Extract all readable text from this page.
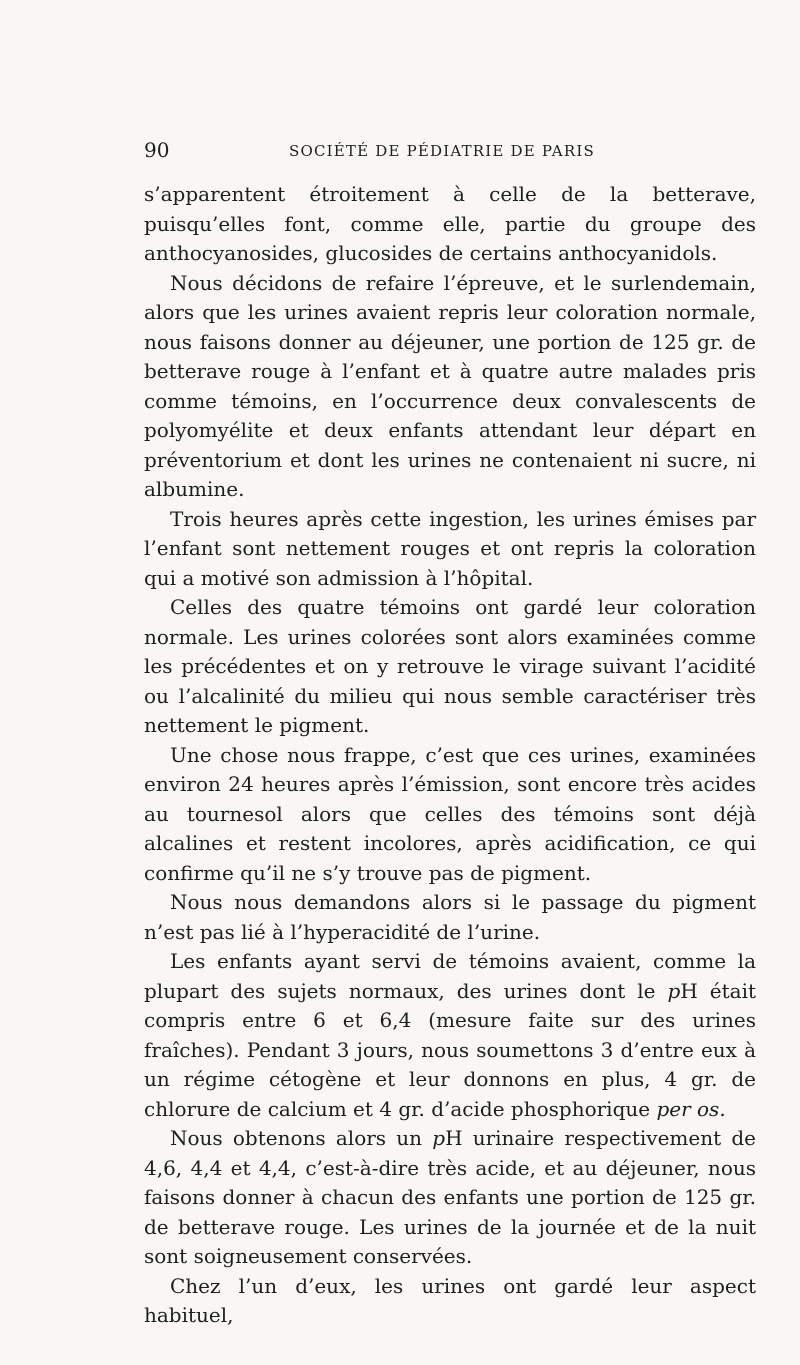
90	SOCIÉTÉ DE PÉDIATRIE DE PARIS

s’apparentent étroitement à celle de la betterave, puisqu’elles font, comme elle, partie du groupe des anthocyanosides, glucosides de certains anthocyanidols.

Nous décidons de refaire l’épreuve, et le surlendemain, alors que les urines avaient repris leur coloration normale, nous faisons donner au déjeuner, une portion de 125 gr. de betterave rouge à l’enfant et à quatre autre malades pris comme témoins, en l’occurrence deux convalescents de polyomyélite et deux enfants attendant leur départ en préventorium et dont les urines ne contenaient ni sucre, ni albumine.

Trois heures après cette ingestion, les urines émises par l’enfant sont nettement rouges et ont repris la coloration qui a motivé son admission à l’hôpital.

Celles des quatre témoins ont gardé leur coloration normale. Les urines colorées sont alors examinées comme les précédentes et on y retrouve le virage suivant l’acidité ou l’alcalinité du milieu qui nous semble caractériser très nettement le pigment.

Une chose nous frappe, c’est que ces urines, examinées environ 24 heures après l’émission, sont encore très acides au tournesol alors que celles des témoins sont déjà alcalines et restent incolores, après acidification, ce qui confirme qu’il ne s’y trouve pas de pigment.

Nous nous demandons alors si le passage du pigment n’est pas lié à l’hyperacidité de l’urine.

Les enfants ayant servi de témoins avaient, comme la plupart des sujets normaux, des urines dont le pH était compris entre 6 et 6,4 (mesure faite sur des urines fraîches). Pendant 3 jours, nous soumettons 3 d’entre eux à un régime cétogène et leur donnons en plus, 4 gr. de chlorure de calcium et 4 gr. d’acide phosphorique per os.

Nous obtenons alors un pH urinaire respectivement de 4,6, 4,4 et 4,4, c’est-à-dire très acide, et au déjeuner, nous faisons donner à chacun des enfants une portion de 125 gr. de betterave rouge. Les urines de la journée et de la nuit sont soigneusement conservées.

Chez l’un d’eux, les urines ont gardé leur aspect habituel,
